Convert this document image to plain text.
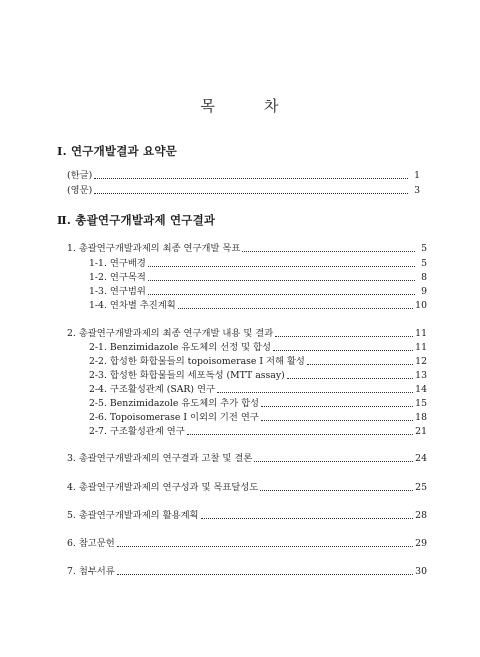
목	차
Ⅰ. 연구개발결과 요약문
Ⅱ. 총괄연구개발과제 연구결과
(한글)	1
(영문)	3
1. 총괄연구개발과제의 최종 연구개발 목표	5
1-1. 연구배경	5
1-2. 연구목적	8
1-3. 연구범위	9
1-4. 연차별 추진계획	10
2. 총괄연구개발과제의 최종 연구개발 내용 및 결과	11
2-1. Benzimidazole 유도체의 선정 및 합성	11
2-2. 합성한 화합물들의 topoisomerase I 저해 활성	12
2-3. 합성한 화합물들의 세포독성 (MTT assay)	13
2-4. 구조활성관계 (SAR) 연구	14
2-5. Benzimidazole 유도체의 추가 합성	15
2-6. Topoisomerase I 이외의 기전 연구	18
2-7. 구조활성관계 연구	21
3. 총괄연구개발과제의 연구결과 고찰 및 결론	24
4. 총괄연구개발과제의 연구성과 및 목표달성도	25
5. 총괄연구개발과제의 활용계획	28
6. 참고문헌	29
7. 첨부서류	30
